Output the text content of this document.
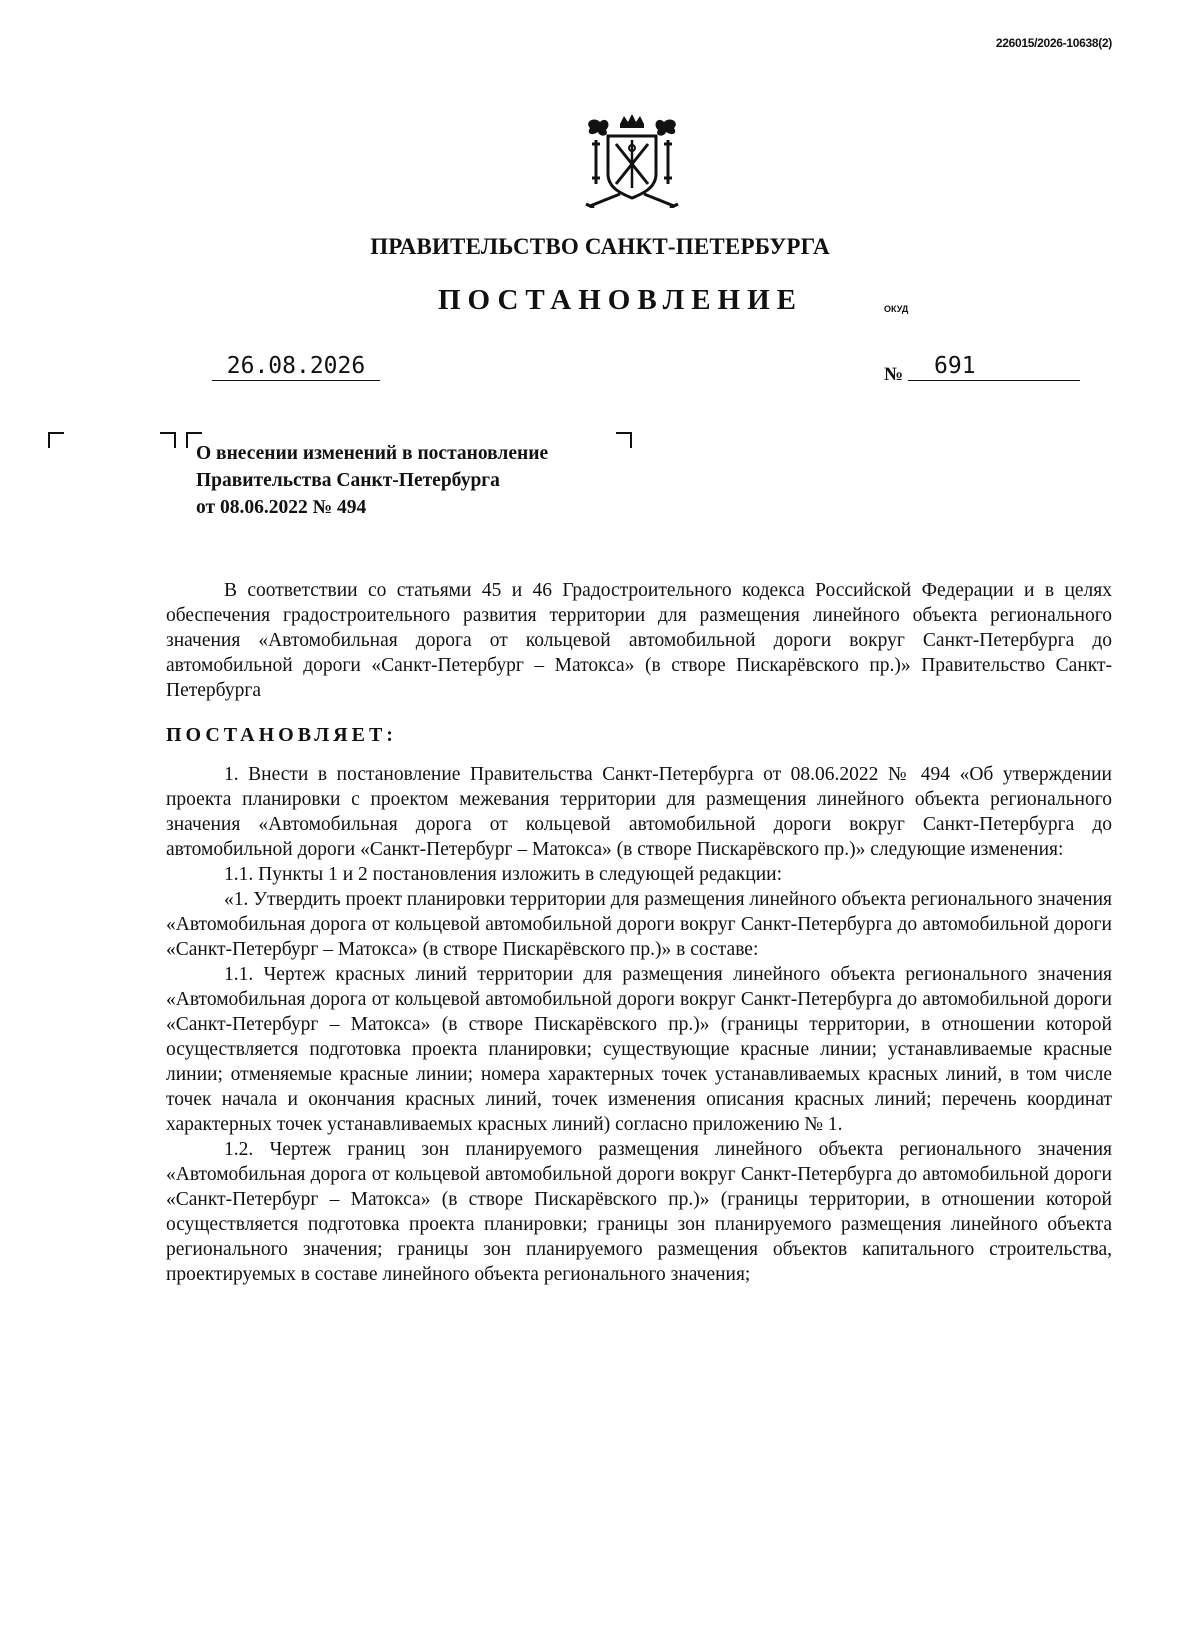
226015/2026-10638(2)
ПРАВИТЕЛЬСТВО САНКТ-ПЕТЕРБУРГА
ПОСТАНОВЛЕНИЕ	ОКУД
26.08.2026	№	691
О внесении изменений в постановление
Правительства Санкт-Петербурга
от 08.06.2022 № 494

В соответствии со статьями 45 и 46 Градостроительного кодекса Российской Федерации и в целях обеспечения градостроительного развития территории для размещения линейного объекта регионального значения «Автомобильная дорога от кольцевой автомобильной дороги вокруг Санкт-Петербурга до автомобильной дороги «Санкт-Петербург – Матокса» (в створе Пискарёвского пр.)» Правительство Санкт-Петербурга

ПОСТАНОВЛЯЕТ:

1. Внести в постановление Правительства Санкт-Петербурга от 08.06.2022 № 494 «Об утверждении проекта планировки с проектом межевания территории для размещения линейного объекта регионального значения «Автомобильная дорога от кольцевой автомобильной дороги вокруг Санкт-Петербурга до автомобильной дороги «Санкт-Петербург – Матокса» (в створе Пискарёвского пр.)» следующие изменения:

1.1. Пункты 1 и 2 постановления изложить в следующей редакции:

«1. Утвердить проект планировки территории для размещения линейного объекта регионального значения «Автомобильная дорога от кольцевой автомобильной дороги вокруг Санкт-Петербурга до автомобильной дороги «Санкт-Петербург – Матокса» (в створе Пискарёвского пр.)» в составе:

1.1. Чертеж красных линий территории для размещения линейного объекта регионального значения «Автомобильная дорога от кольцевой автомобильной дороги вокруг Санкт-Петербурга до автомобильной дороги «Санкт-Петербург – Матокса» (в створе Пискарёвского пр.)» (границы территории, в отношении которой осуществляется подготовка проекта планировки; существующие красные линии; устанавливаемые красные линии; отменяемые красные линии; номера характерных точек устанавливаемых красных линий, в том числе точек начала и окончания красных линий, точек изменения описания красных линий; перечень координат характерных точек устанавливаемых красных линий) согласно приложению № 1.

1.2. Чертеж границ зон планируемого размещения линейного объекта регионального значения «Автомобильная дорога от кольцевой автомобильной дороги вокруг Санкт-Петербурга до автомобильной дороги «Санкт-Петербург – Матокса» (в створе Пискарёвского пр.)» (границы территории, в отношении которой осуществляется подготовка проекта планировки; границы зон планируемого размещения линейного объекта регионального значения; границы зон планируемого размещения объектов капитального строительства, проектируемых в составе линейного объекта регионального значения;
